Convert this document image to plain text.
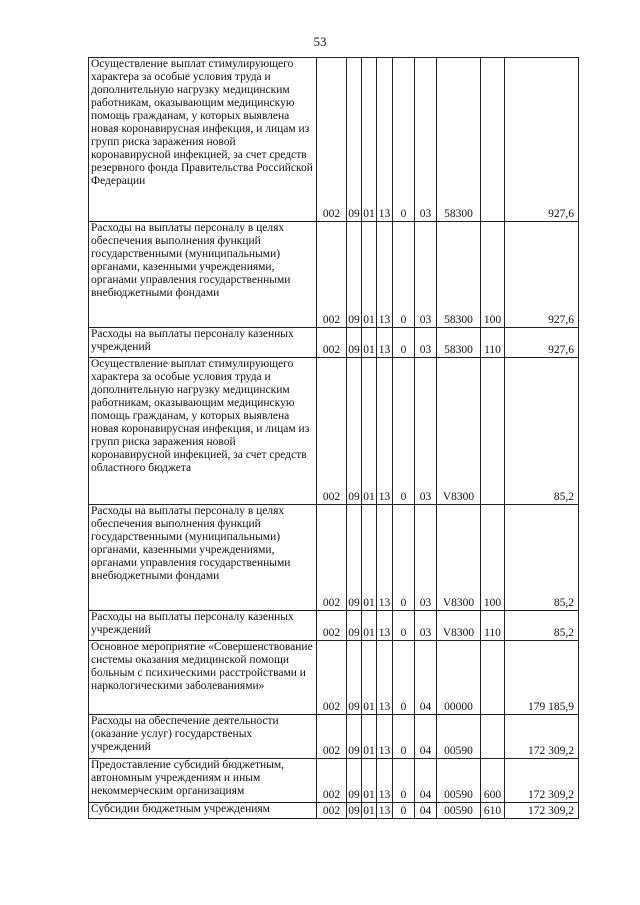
53
Осуществление выплат стимулирующего характера за особые условия труда и дополнительную нагрузку медицинским работникам, оказывающим медицинскую помощь гражданам, у которых выявлена новая коронавирусная инфекция, и лицам из групп риска заражения новой коронавирусной инфекцией, за счет средств резервного фонда Правительства Российской Федерации	002	09	01	13	0	03	58300		927,6
Расходы на выплаты персоналу в целях обеспечения выполнения функций государственными (муниципальными) органами, казенными учреждениями, органами управления государственными внебюджетными фондами	002	09	01	13	0	03	58300	100	927,6
Расходы на выплаты персоналу казенных учреждений	002	09	01	13	0	03	58300	110	927,6
Осуществление выплат стимулирующего характера за особые условия труда и дополнительную нагрузку медицинским работникам, оказывающим медицинскую помощь гражданам, у которых выявлена новая коронавирусная инфекция, и лицам из групп риска заражения новой коронавирусной инфекцией, за счет средств областного бюджета	002	09	01	13	0	03	V8300		85,2
Расходы на выплаты персоналу в целях обеспечения выполнения функций государственными (муниципальными) органами, казенными учреждениями, органами управления государственными внебюджетными фондами	002	09	01	13	0	03	V8300	100	85,2
Расходы на выплаты персоналу казенных учреждений	002	09	01	13	0	03	V8300	110	85,2
Основное мероприятие «Совершенствование системы оказания медицинской помощи больным с психическими расстройствами и наркологическими заболеваниями»	002	09	01	13	0	04	00000		179 185,9
Расходы на обеспечение деятельности (оказание услуг) государственых учреждений	002	09	01	13	0	04	00590		172 309,2
Предоставление субсидий бюджетным, автономным учреждениям и иным некоммерческим организациям	002	09	01	13	0	04	00590	600	172 309,2
Субсидии бюджетным учреждениям	002	09	01	13	0	04	00590	610	172 309,2
